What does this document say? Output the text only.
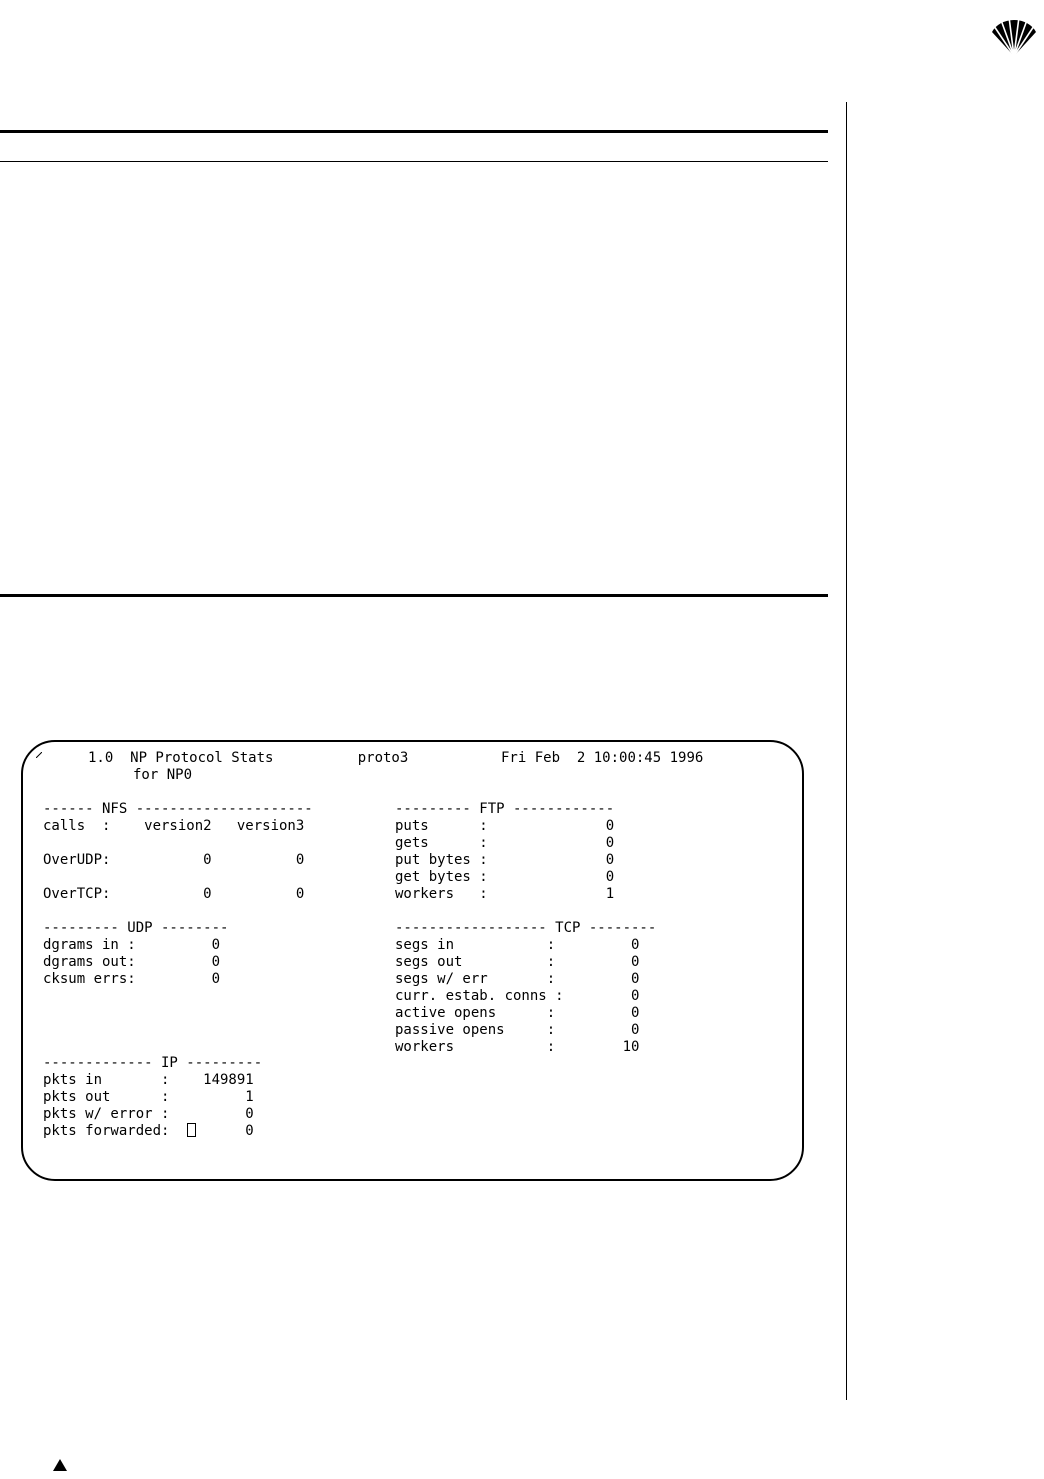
1.0  NP Protocol Stats          proto3           Fri Feb  2 10:00:45 1996
for NP0
------ NFS ---------------------
calls  :    version2   version3
OverUDP:           0          0
OverTCP:           0          0
--------- FTP ------------
puts      :              0
gets      :              0
put bytes :              0
get bytes :              0
workers   :              1
--------- UDP --------
dgrams in :         0
dgrams out:         0
cksum errs:         0
------------------ TCP --------
segs in           :         0
segs out          :         0
segs w/ err       :         0
curr. estab. conns :        0
active opens      :         0
passive opens     :         0
workers           :        10
------------- IP ---------
pkts in       :    149891
pkts out      :         1
pkts w/ error :         0
pkts forwarded:         0
